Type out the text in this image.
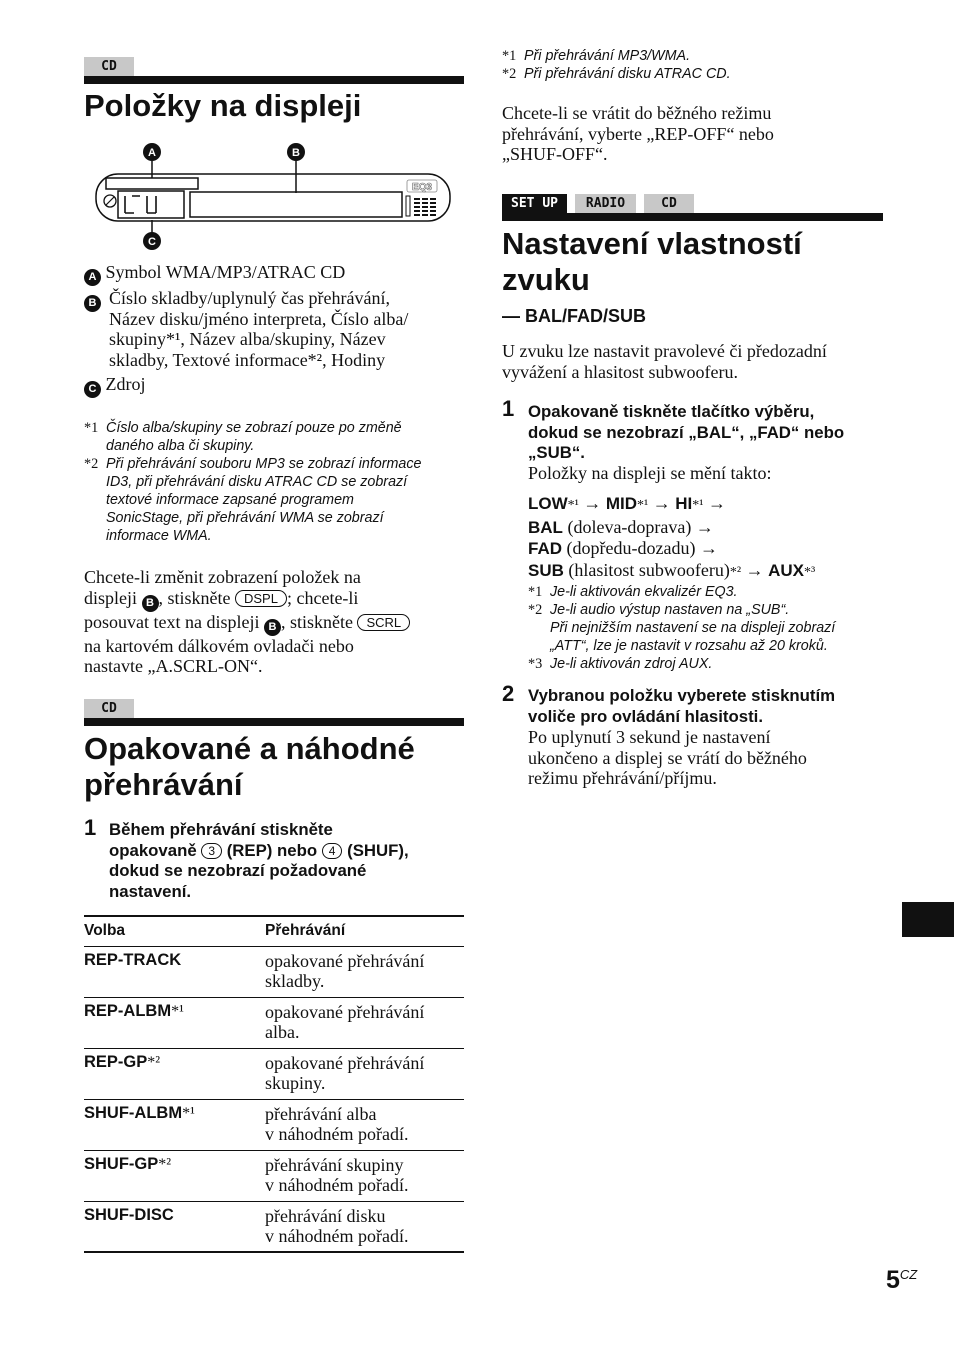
CD
Položky na displeji
A	B
C
EQ3
A Symbol WMA/MP3/ATRAC CD
B Číslo skladby/uplynulý čas přehrávání,
Název disku/jméno interpreta, Číslo alba/
skupiny*¹, Název alba/skupiny, Název
skladby, Textové informace*², Hodiny
C Zdroj
*1 Číslo alba/skupiny se zobrazí pouze po změně
daného alba či skupiny.
*2 Při přehrávání souboru MP3 se zobrazí informace
ID3, při přehrávání disku ATRAC CD se zobrazí
textové informace zapsané programem
SonicStage, při přehrávání WMA se zobrazí
informace WMA.
Chcete-li změnit zobrazení položek na
displeji B , stiskněte DSPL ; chcete-li
posouvat text na displeji B , stiskněte SCRL
na kartovém dálkovém ovladači nebo
nastavte „A.SCRL-ON“.
CD
Opakované a náhodné
přehrávání
1 Během přehrávání stiskněte
opakovaně 3 (REP) nebo 4 (SHUF),
dokud se nezobrazí požadované
nastavení.
Volba	Přehrávání
REP-TRACK	opakované přehrávání
skladby.

REP-ALBM*¹	opakované přehrávání
alba.

REP-GP*²	opakované přehrávání
skupiny.

SHUF-ALBM*¹	přehrávání alba
v náhodném pořadí.

SHUF-GP*²	přehrávání skupiny
v náhodném pořadí.

SHUF-DISC	přehrávání disku
v náhodném pořadí.
*1 Při přehrávání MP3/WMA.
*2 Při přehrávání disku ATRAC CD.
Chcete-li se vrátit do běžného režimu
přehrávání, vyberte „REP-OFF“ nebo
„SHUF-OFF“.
SET UP	RADIO	CD
Nastavení vlastností
zvuku
— BAL/FAD/SUB
U zvuku lze nastavit pravolevé či předozadní
vyvážení a hlasitost subwooferu.
1 Opakovaně tiskněte tlačítko výběru,
dokud se nezobrazí „BAL“, „FAD“ nebo
„SUB“.
Položky na displeji se mění takto:
LOW*¹ → MID*¹ → HI*¹ →
BAL (doleva-doprava) →
FAD (dopředu-dozadu) →
SUB (hlasitost subwooferu)*² → AUX*³
*1 Je-li aktivován ekvalizér EQ3.
*2 Je-li audio výstup nastaven na „SUB“.
Při nejnižším nastavení se na displeji zobrazí
„ATT“, lze je nastavit v rozsahu až 20 kroků.
*3 Je-li aktivován zdroj AUX.
2 Vybranou položku vyberete stisknutím
voliče pro ovládání hlasitosti.
Po uplynutí 3 sekund je nastavení
ukončeno a displej se vrátí do běžného
režimu přehrávání/příjmu.
$5^{CZ}$
